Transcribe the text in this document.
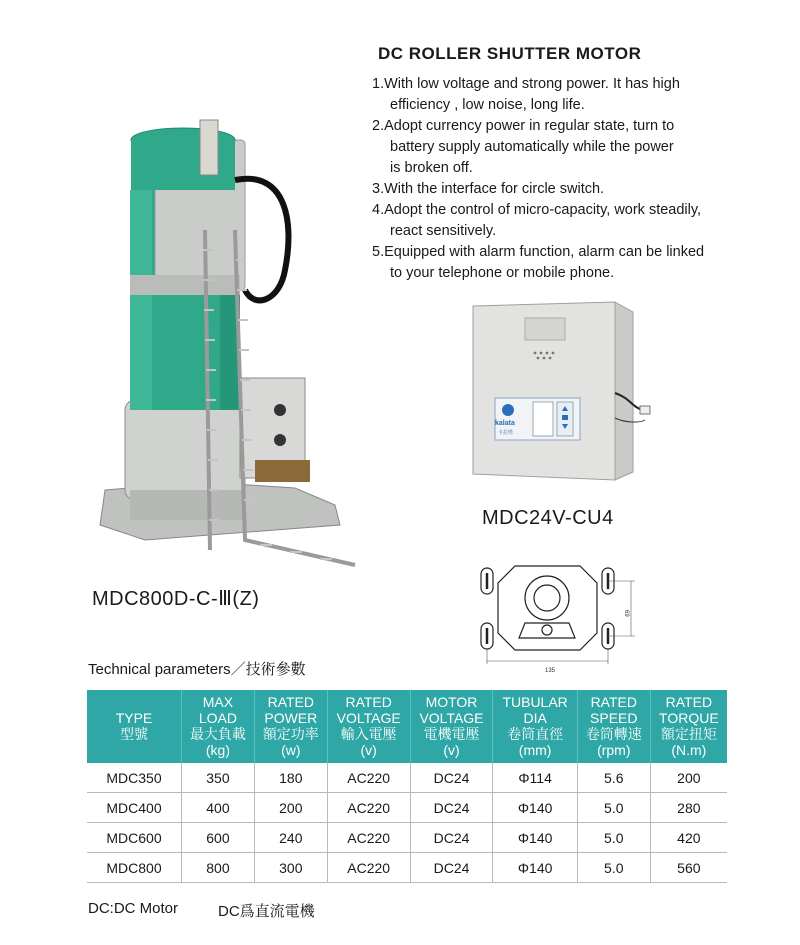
DC ROLLER SHUTTER MOTOR

1.With low voltage and strong power. It has high
efficiency , low noise, long life.

2.Adopt currency power in regular state, turn to
battery supply automatically while the power
is broken off.

3.With the interface for circle switch.

4.Adopt the control of micro-capacity, work steadily,
react sensitively.

5.Equipped with alarm function, alarm can be linked
to your telephone or mobile phone.

MDC800D-C-Ⅲ(Z)
kalata
卡拉塔
MDC24V-CU4
135
69
Technical parameters／技術參數
TYPE
型號	MAX
LOAD
最大負載
(kg)	RATED
POWER
額定功率
(w)	RATED
VOLTAGE
輸入電壓
(v)	MOTOR
VOLTAGE
電機電壓
(v)	TUBULAR
DIA
卷筒直徑
(mm)	RATED
SPEED
卷筒轉速
(rpm)	RATED
TORQUE
額定扭矩
(N.m)

MDC350	350	180	AC220	DC24	Φ114	5.6	200
MDC400	400	200	AC220	DC24	Φ140	5.0	280
MDC600	600	240	AC220	DC24	Φ140	5.0	420
MDC800	800	300	AC220	DC24	Φ140	5.0	560
DC:DC Motor	DC爲直流電機
